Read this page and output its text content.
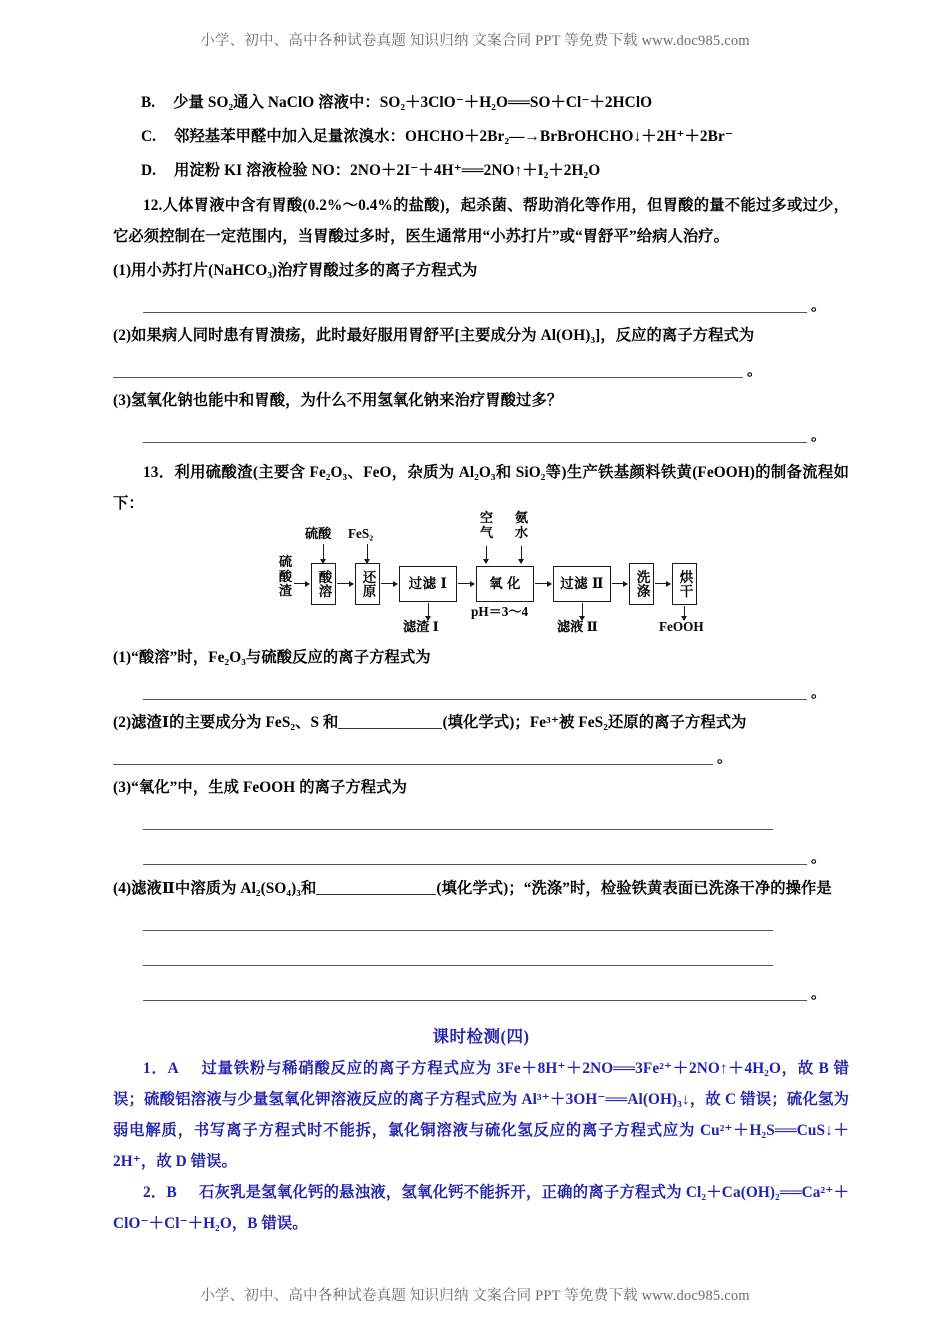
小学、初中、高中各种试卷真题 知识归纳 文案合同 PPT 等免费下载 www.doc985.com
B. 少量 SO₂通入 NaClO 溶液中：SO₂＋3ClO⁻＋H₂O══SO＋Cl⁻＋2HClO
C. 邻羟基苯甲醛中加入足量浓溴水：OHCHO＋2Br₂—→BrBrOHCHO↓＋2H⁺＋2Br⁻
D. 用淀粉 KI 溶液检验 NO：2NO＋2I⁻＋4H⁺══2NO↑＋I₂＋2H₂O

12.人体胃液中含有胃酸(0.2%～0.4%的盐酸)，起杀菌、帮助消化等作用，但胃酸的量不能过多或过少，它必须控制在一定范围内，当胃酸过多时，医生通常用“小苏打片”或“胃舒平”给病人治疗。

(1)用小苏打片(NaHCO₃)治疗胃酸过多的离子方程式为

。

(2)如果病人同时患有胃溃疡，此时最好服用胃舒平[主要成分为 Al(OH)₃]，反应的离子方程式为

。

(3)氢氧化钠也能中和胃酸，为什么不用氢氧化钠来治疗胃酸过多？

。

13．利用硫酸渣(主要含 Fe₂O₃、FeO，杂质为 Al₂O₃和 SiO₂等)生产铁基颜料铁黄(FeOOH)的制备流程如下：

硫酸渣
硫酸
酸溶
FeS₂
还原 过滤 Ⅰ
滤渣 Ⅰ
空气
氨水
氧 化
pH＝3～4
过滤 Ⅱ
滤液 Ⅱ
洗涤 烘干
FeOOH

(1)“酸溶”时，Fe₂O₃与硫酸反应的离子方程式为

。

(2)滤渣Ⅰ的主要成分为 FeS₂、S 和	(填化学式)；Fe³⁺被 FeS₂还原的离子方程式为

。

(3)“氧化”中，生成 FeOOH 的离子方程式为

。

(4)滤液Ⅱ中溶质为 Al₂(SO₄)₃和	(填化学式)；“洗涤”时，检验铁黄表面已洗涤干净的操作是

。

课时检测(四)

1．A 过量铁粉与稀硝酸反应的离子方程式应为 3Fe＋8H⁺＋2NO══3Fe²⁺＋2NO↑＋4H₂O，故 B 错误；硫酸铝溶液与少量氢氧化钾溶液反应的离子方程式应为 Al³⁺＋3OH⁻══Al(OH)₃↓，故 C 错误；硫化氢为弱电解质，书写离子方程式时不能拆，氯化铜溶液与硫化氢反应的离子方程式应为 Cu²⁺＋H₂S══CuS↓＋2H⁺，故 D 错误。

2．B 石灰乳是氢氧化钙的悬浊液，氢氧化钙不能拆开，正确的离子方程式为 Cl₂＋Ca(OH)₂══Ca²⁺＋ClO⁻＋Cl⁻＋H₂O，B 错误。

小学、初中、高中各种试卷真题 知识归纳 文案合同 PPT 等免费下载 www.doc985.com
